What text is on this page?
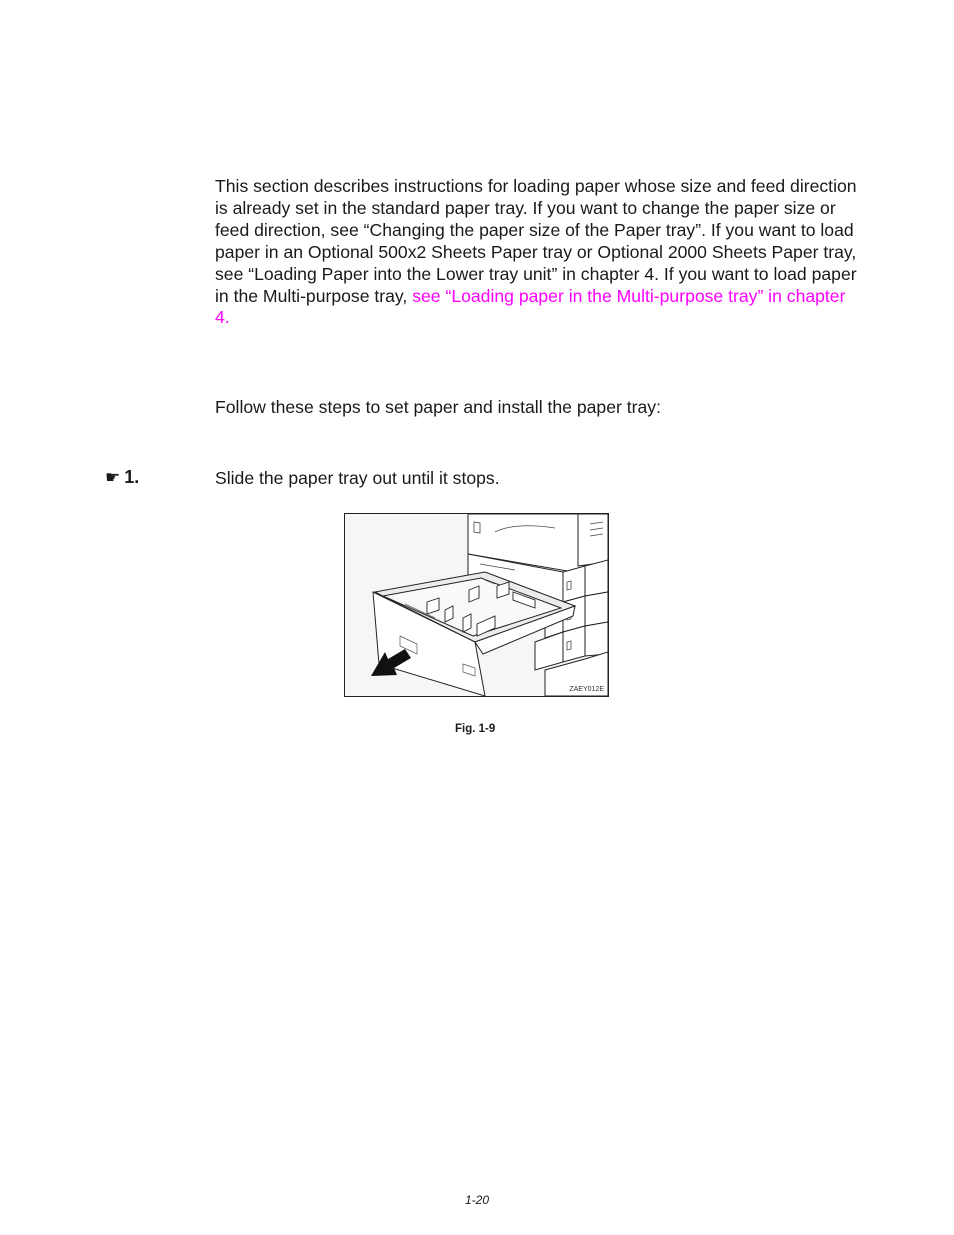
This section describes instructions for loading paper whose size and feed direction is already set in the standard paper tray. If you want to change the paper size or feed direction, see “Changing the paper size of the Paper tray”. If you want to load paper in an Optional 500x2 Sheets Paper tray or Optional 2000 Sheets Paper tray, see “Loading Paper into the Lower tray unit” in chapter 4. If you want to load paper in the Multi-purpose tray, see “Loading paper in the Multi-purpose tray” in chapter 4.

Follow these steps to set paper and install the paper tray:

☛ 1.	Slide the paper tray out until it stops.

ZAEY012E
Fig. 1-9
1-20
